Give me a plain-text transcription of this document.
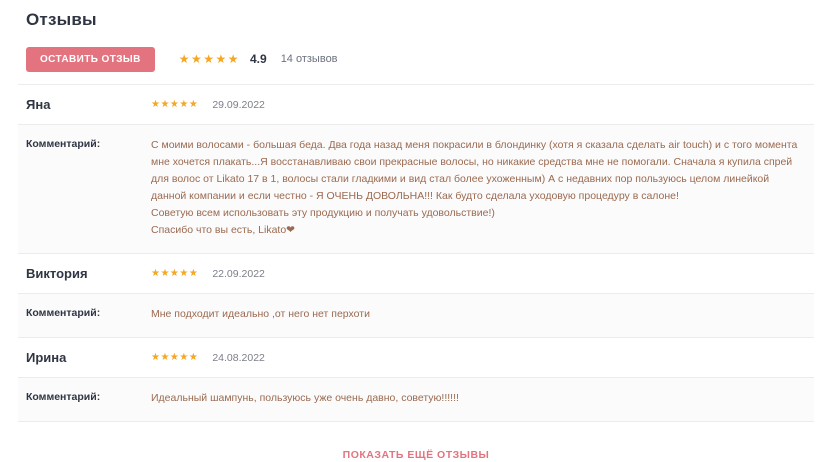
Отзывы
ОСТАВИТЬ ОТЗЫВ	★★★★★ 4.9 14 отзывов
Яна	★★★★★ 29.09.2022
Комментарий:	С моими волосами - большая беда. Два года назад меня покрасили в блондинку (хотя я сказала сделать air touch) и с того момента
мне хочется плакать...Я восстанавливаю свои прекрасные волосы, но никакие средства мне не помогали. Сначала я купила спрей
для волос от Likato 17 в 1, волосы стали гладкими и вид стал более ухоженным) А с недавних пор пользуюсь целом линейкой
данной компании и если честно - Я ОЧЕНЬ ДОВОЛЬНА!!! Как будто сделала уходовую процедуру в салоне!
Советую всем использовать эту продукцию и получать удовольствие!)
Спасибо что вы есть, Likato❤
Виктория	★★★★★ 22.09.2022
Комментарий:	Мне подходит идеально ,от него нет перхоти
Ирина	★★★★★ 24.08.2022
Комментарий:	Идеальный шампунь, пользуюсь уже очень давно, советую!!!!!!
ПОКАЗАТЬ ЕЩЁ ОТЗЫВЫ
